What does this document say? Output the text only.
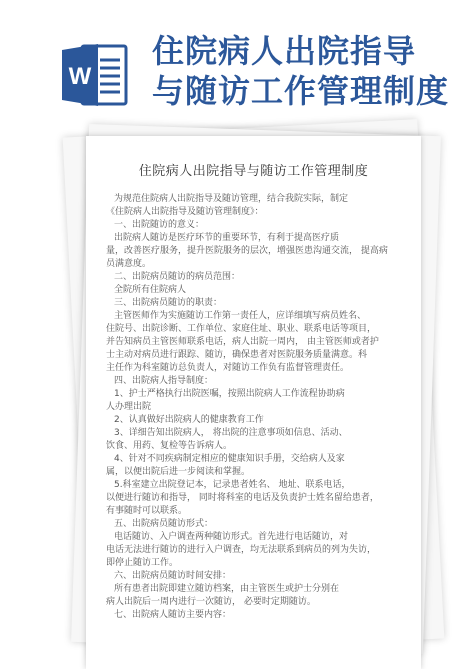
W
住院病人出院指导
与随访工作管理制度
住院病人出院指导与随访工作管理制度
为规范住院病人出院指导及随访管理，结合我院实际，制定
《住院病人出院指导及随访管理制度》：
一、出院随访的意义：
出院病人随访是医疗环节的重要环节，有利于提高医疗质
量，改善医疗服务，提升医院服务的层次，增强医患沟通交流， 提高病
员满意度。
二、出院病员随访的病员范围：
全院所有住院病人
三、出院病员随访的职责：
主管医师作为实施随访工作第一责任人，应详细填写病员姓名、
住院号、出院诊断、工作单位、家庭住址、职业、联系电话等项目，
并告知病员主管医师联系电话，病人出院一周内， 由主管医师或者护
士主动对病员进行跟踪、随访，确保患者对医院服务质量满意。科
主任作为科室随访总负责人，对随访工作负有监督管理责任。
四、出院病人指导制度：
1、护士严格执行出院医嘱，按照出院病人工作流程协助病
人办理出院
2、认真做好出院病人的健康教育工作
3、详细告知出院病人， 将出院的注意事项如信息、活动、
饮食、用药、复检等告诉病人。
4、针对不同疾病制定相应的健康知识手册，交给病人及家
属，以便出院后进一步阅读和掌握。
5.科室建立出院登记本，记录患者姓名、 地址、联系电话，
以便进行随访和指导， 同时将科室的电话及负责护士姓名留给患者，
有事随时可以联系。
五、出院病员随访形式：
电话随访、入户调查两种随访形式。首先进行电话随访，对
电话无法进行随访的进行入户调查，均无法联系到病员的列为失访，
即停止随访工作。
六、出院病员随访时间安排：
所有患者出院即建立随访档案，由主管医生或护士分别在
病人出院后一周内进行一次随访， 必要时定期随访。
七、出院病人随访主要内容：
